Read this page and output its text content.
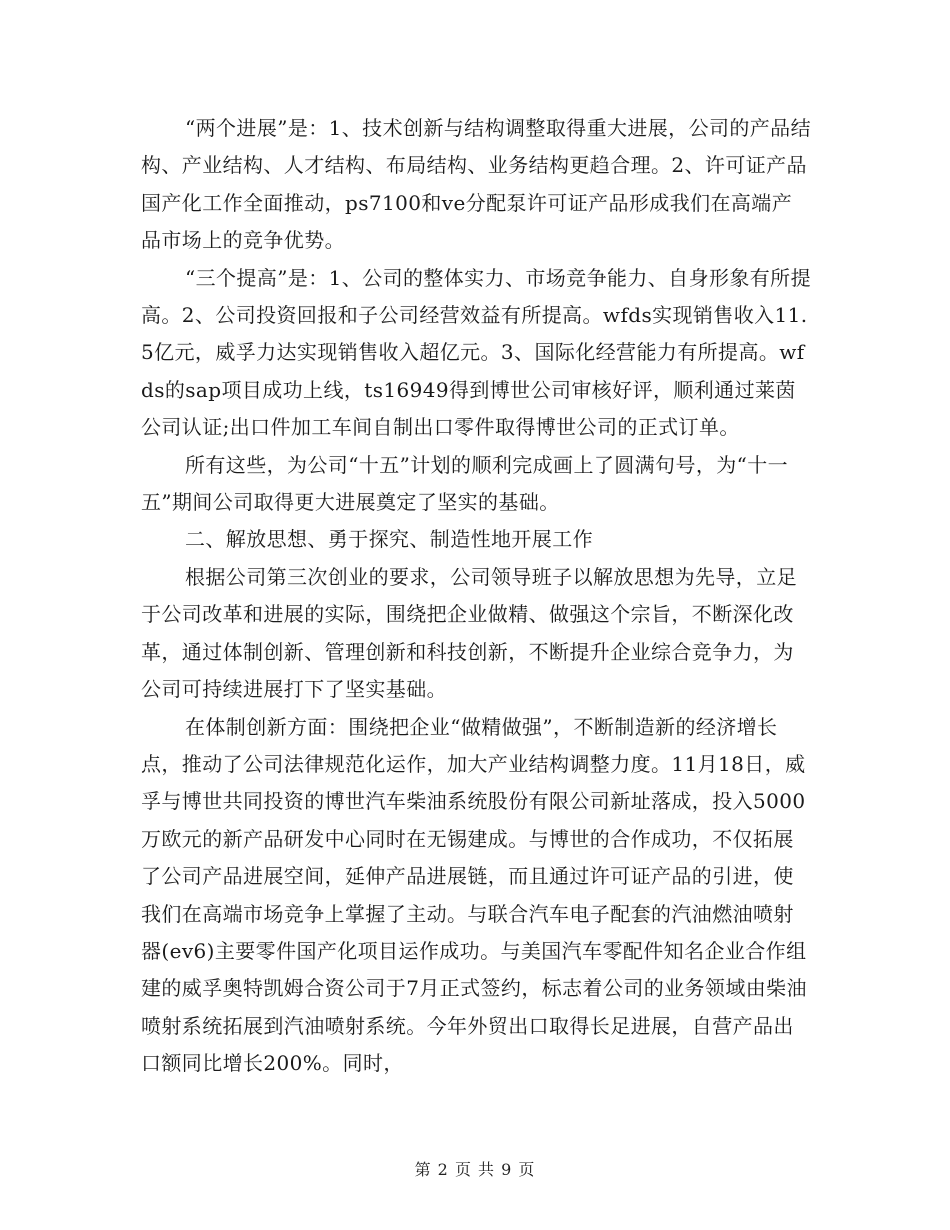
“两个进展”是：1、技术创新与结构调整取得重大进展，公司的产品结构、产业结构、人才结构、布局结构、业务结构更趋合理。2、许可证产品国产化工作全面推动，ps7100和ve分配泵许可证产品形成我们在高端产品市场上的竞争优势。

“三个提高”是：1、公司的整体实力、市场竞争能力、自身形象有所提高。2、公司投资回报和子公司经营效益有所提高。wfds实现销售收入11.5亿元，威孚力达实现销售收入超亿元。3、国际化经营能力有所提高。wfds的sap项目成功上线，ts16949得到博世公司审核好评，顺利通过莱茵公司认证;出口件加工车间自制出口零件取得博世公司的正式订单。

所有这些，为公司“十五”计划的顺利完成画上了圆满句号，为“十一五”期间公司取得更大进展奠定了坚实的基础。

二、解放思想、勇于探究、制造性地开展工作

根据公司第三次创业的要求，公司领导班子以解放思想为先导，立足于公司改革和进展的实际，围绕把企业做精、做强这个宗旨，不断深化改革，通过体制创新、管理创新和科技创新，不断提升企业综合竞争力，为公司可持续进展打下了坚实基础。

在体制创新方面：围绕把企业“做精做强”，不断制造新的经济增长点，推动了公司法律规范化运作，加大产业结构调整力度。11月18日，威孚与博世共同投资的博世汽车柴油系统股份有限公司新址落成，投入5000万欧元的新产品研发中心同时在无锡建成。与博世的合作成功，不仅拓展了公司产品进展空间，延伸产品进展链，而且通过许可证产品的引进，使我们在高端市场竞争上掌握了主动。与联合汽车电子配套的汽油燃油喷射器(ev6)主要零件国产化项目运作成功。与美国汽车零配件知名企业合作组建的威孚奥特凯姆合资公司于7月正式签约，标志着公司的业务领域由柴油喷射系统拓展到汽油喷射系统。今年外贸出口取得长足进展，自营产品出口额同比增长200%。同时，

第 2 页 共 9 页
